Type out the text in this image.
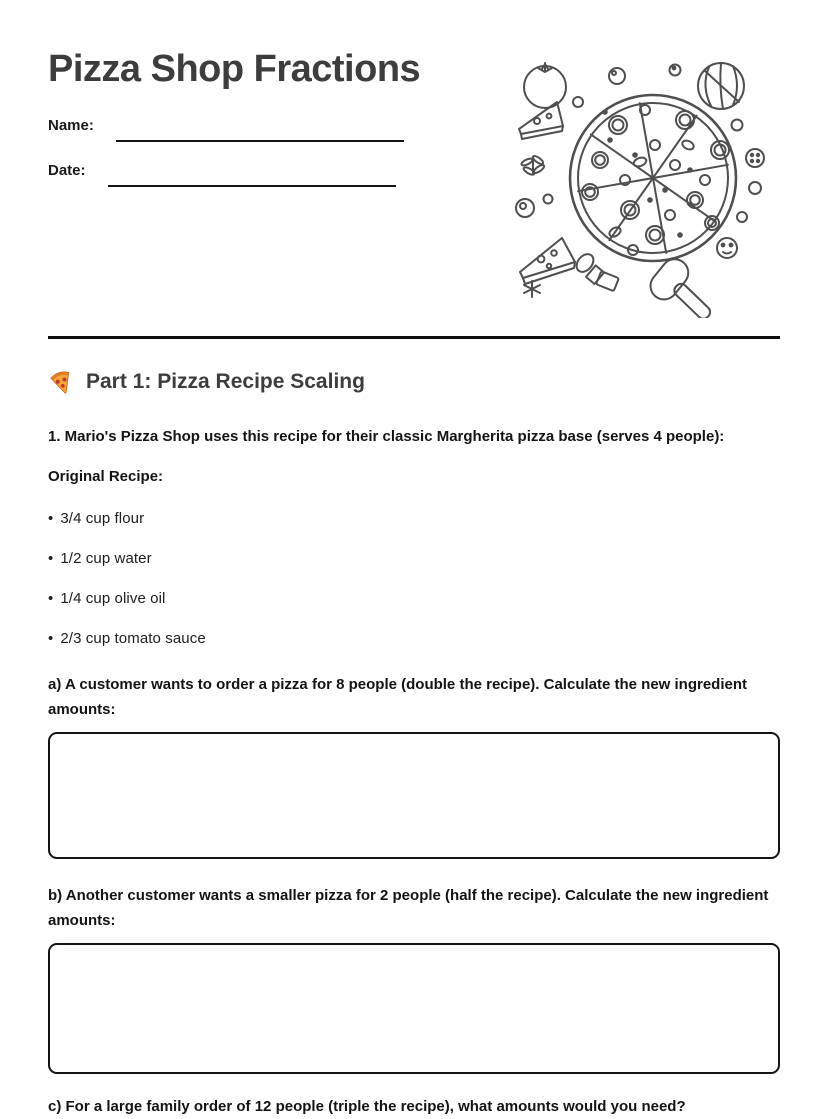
Pizza Shop Fractions
Name:
Date:
Part 1: Pizza Recipe Scaling

1. Mario's Pizza Shop uses this recipe for their classic Margherita pizza base (serves 4 people):

Original Recipe:

• 3/4 cup flour
• 1/2 cup water
• 1/4 cup olive oil
• 2/3 cup tomato sauce

a) A customer wants to order a pizza for 8 people (double the recipe). Calculate the new ingredient amounts:

b) Another customer wants a smaller pizza for 2 people (half the recipe). Calculate the new ingredient amounts:

c) For a large family order of 12 people (triple the recipe), what amounts would you need?
